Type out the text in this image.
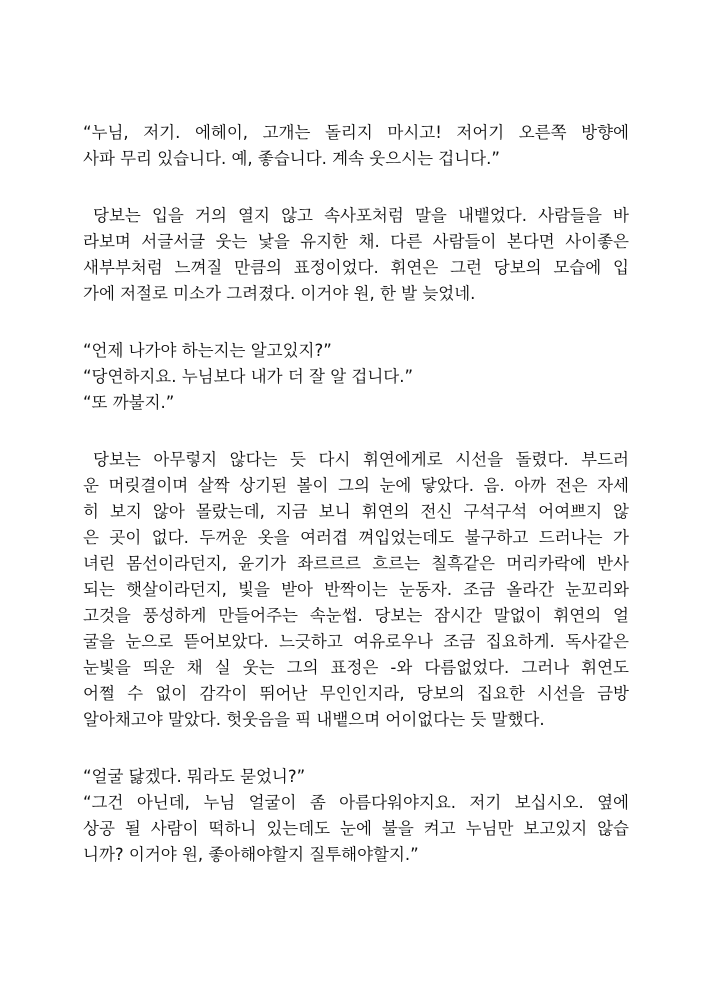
“누님, 저기. 에헤이, 고개는 돌리지 마시고! 저어기 오른쪽 방향에
사파 무리 있습니다. 예, 좋습니다. 계속 웃으시는 겁니다.”
당보는 입을 거의 열지 않고 속사포처럼 말을 내뱉었다. 사람들을 바
라보며 서글서글 웃는 낯을 유지한 채. 다른 사람들이 본다면 사이좋은
새부부처럼 느껴질 만큼의 표정이었다. 휘연은 그런 당보의 모습에 입
가에 저절로 미소가 그려졌다. 이거야 원, 한 발 늦었네.
“언제 나가야 하는지는 알고있지?”
“당연하지요. 누님보다 내가 더 잘 알 겁니다.”
“또 까불지.”
당보는 아무렇지 않다는 듯 다시 휘연에게로 시선을 돌렸다. 부드러
운 머릿결이며 살짝 상기된 볼이 그의 눈에 닿았다. 음. 아까 전은 자세
히 보지 않아 몰랐는데, 지금 보니 휘연의 전신 구석구석 어여쁘지 않
은 곳이 없다. 두꺼운 옷을 여러겹 껴입었는데도 불구하고 드러나는 가
녀린 몸선이라던지, 윤기가 좌르르르 흐르는 칠흑같은 머리카락에 반사
되는 햇살이라던지, 빛을 받아 반짝이는 눈동자. 조금 올라간 눈꼬리와
고것을 풍성하게 만들어주는 속눈썹. 당보는 잠시간 말없이 휘연의 얼
굴을 눈으로 뜯어보았다. 느긋하고 여유로우나 조금 집요하게. 독사같은
눈빛을 띄운 채 실 웃는 그의 표정은 -와 다름없었다. 그러나 휘연도
어쩔 수 없이 감각이 뛰어난 무인인지라, 당보의 집요한 시선을 금방
알아채고야 말았다. 헛웃음을 픽 내뱉으며 어이없다는 듯 말했다.
“얼굴 닳겠다. 뭐라도 묻었니?”
“그건 아닌데, 누님 얼굴이 좀 아름다워야지요. 저기 보십시오. 옆에
상공 될 사람이 떡하니 있는데도 눈에 불을 켜고 누님만 보고있지 않습
니까? 이거야 원, 좋아해야할지 질투해야할지.”
